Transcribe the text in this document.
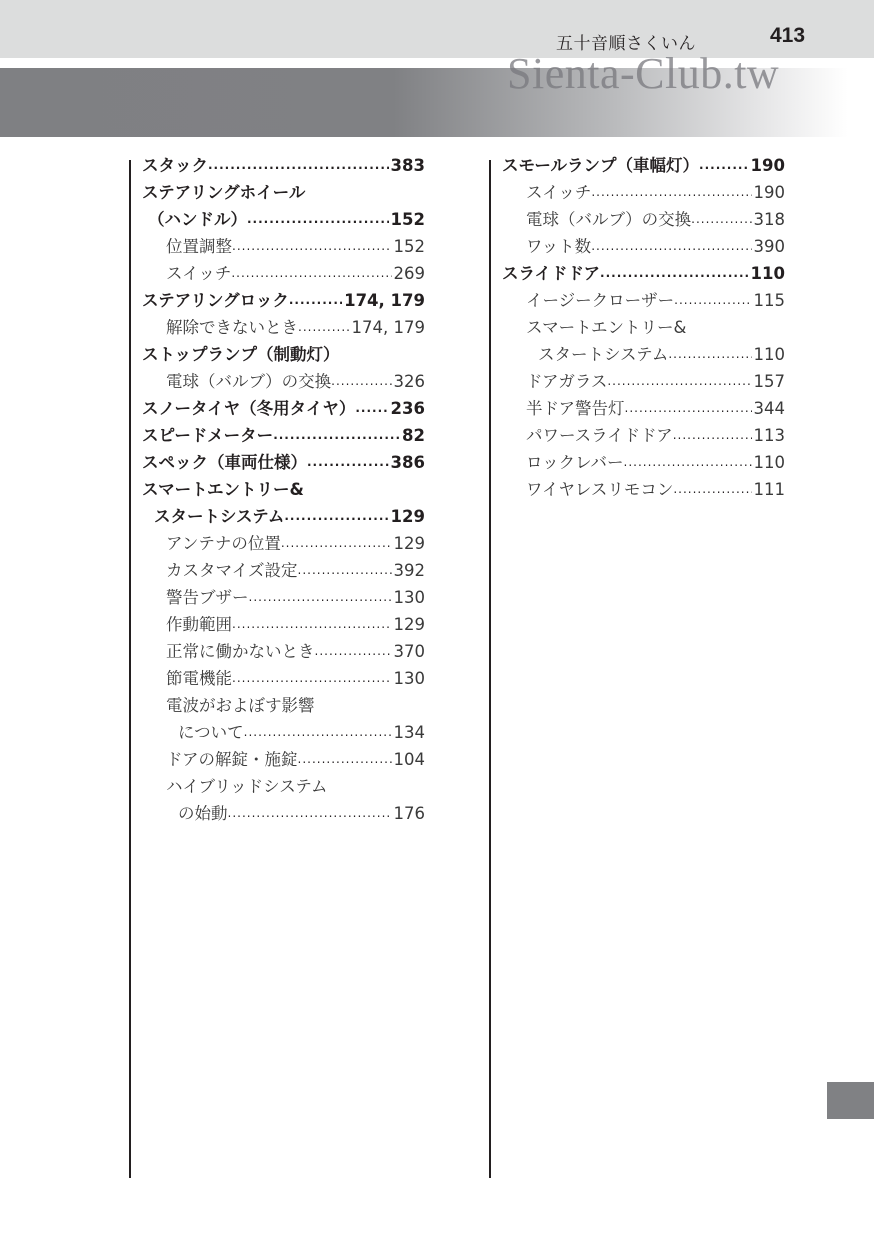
五十音順さくいん	413
Sienta-Club.tw
スタック .....	383
ステアリングホイール
（ハンドル） .....	152
位置調整 .....	152
スイッチ .....	269
ステアリングロック .....	174, 179
解除できないとき .....	174, 179
ストップランプ（制動灯）
電球（バルブ）の交換 .....	326
スノータイヤ（冬用タイヤ） ..... 236
スピードメーター .....	82
スペック（車両仕様） .....	386
スマートエントリー&
スタートシステム .....	129
アンテナの位置 .....	129
カスタマイズ設定 .....	392
警告ブザー .....	130
作動範囲 .....	129
正常に働かないとき .....	370
節電機能 .....	130
電波がおよぼす影響
について .....	134
ドアの解錠・施錠 .....	104
ハイブリッドシステム
の始動 .....	176
スモールランプ（車幅灯） .....	190
スイッチ .....	190
電球（バルブ）の交換 .....	318
ワット数 .....	390
スライドドア .....	110
イージークローザー .....	115
スマートエントリー&
スタートシステム .....	110
ドアガラス .....	157
半ドア警告灯 .....	344
パワースライドドア .....	113
ロックレバー .....	110
ワイヤレスリモコン .....	111
